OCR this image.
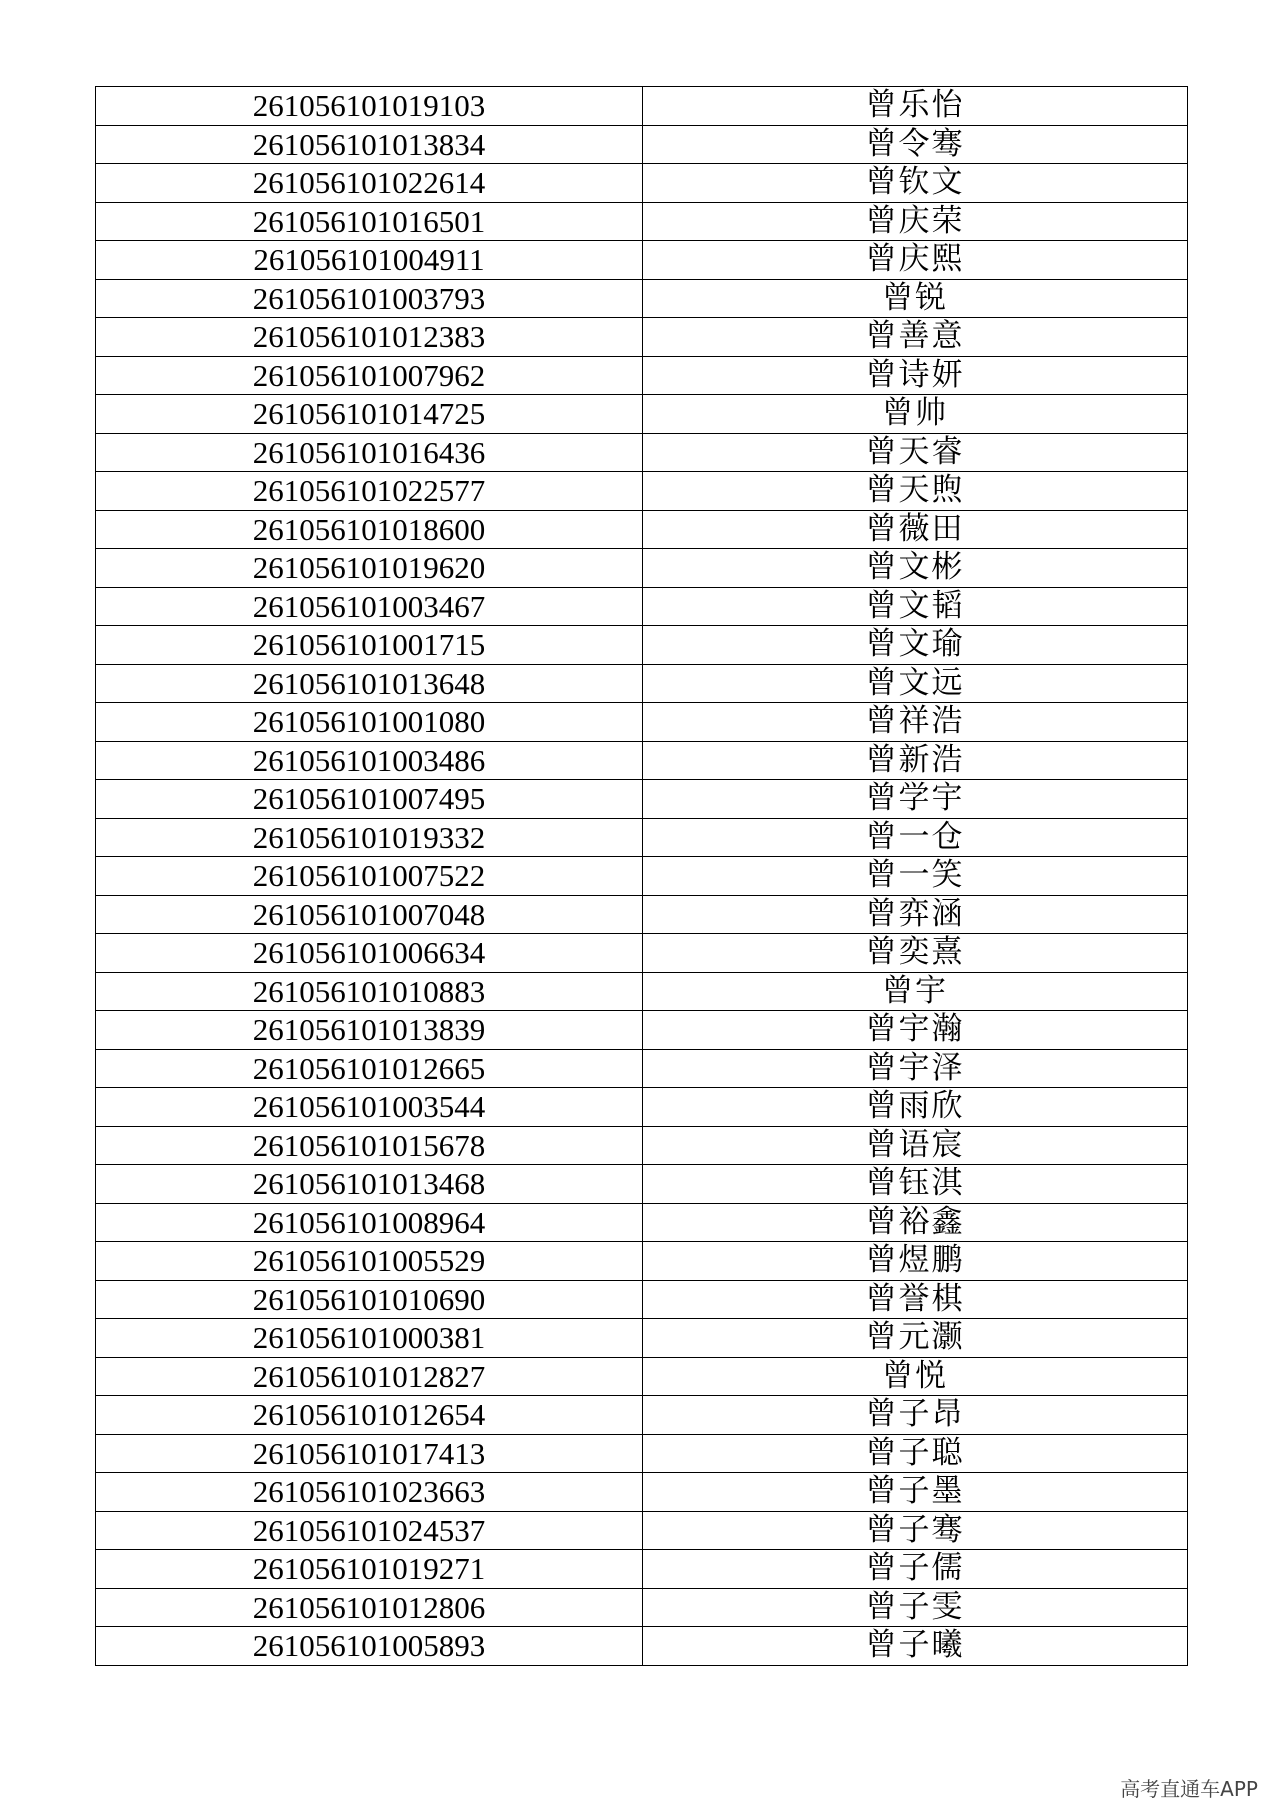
261056101019103	曾乐怡
261056101013834	曾令骞
261056101022614	曾钦文
261056101016501	曾庆荣
261056101004911	曾庆熙
261056101003793	曾锐
261056101012383	曾善意
261056101007962	曾诗妍
261056101014725	曾帅
261056101016436	曾天睿
261056101022577	曾天煦
261056101018600	曾薇田
261056101019620	曾文彬
261056101003467	曾文韬
261056101001715	曾文瑜
261056101013648	曾文远
261056101001080	曾祥浩
261056101003486	曾新浩
261056101007495	曾学宇
261056101019332	曾一仓
261056101007522	曾一笑
261056101007048	曾弈涵
261056101006634	曾奕熹
261056101010883	曾宇
261056101013839	曾宇瀚
261056101012665	曾宇泽
261056101003544	曾雨欣
261056101015678	曾语宸
261056101013468	曾钰淇
261056101008964	曾裕鑫
261056101005529	曾煜鹏
261056101010690	曾誉棋
261056101000381	曾元灏
261056101012827	曾悦
261056101012654	曾子昂
261056101017413	曾子聪
261056101023663	曾子墨
261056101024537	曾子骞
261056101019271	曾子儒
261056101012806	曾子雯
261056101005893	曾子曦
高考直通车APP
